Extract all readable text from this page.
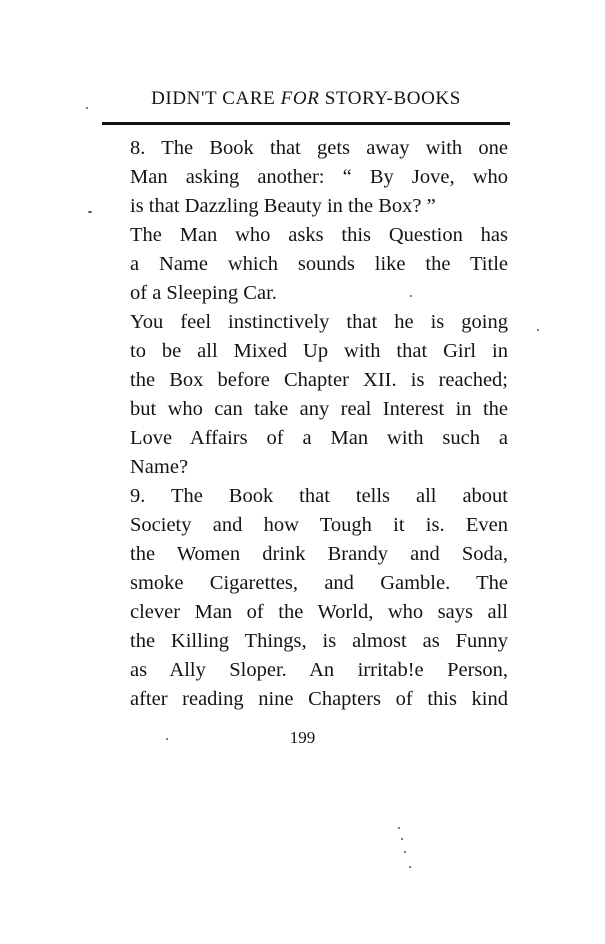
DIDN'T CARE FOR STORY-BOOKS

8. The Book that gets away with one
Man asking another: “ By Jove, who
is that Dazzling Beauty in the Box? ”

The Man who asks this Question has
a Name which sounds like the Title
of a Sleeping Car.

You feel instinctively that he is going
to be all Mixed Up with that Girl in
the Box before Chapter XII. is reached;
but who can take any real Interest in the
Love Affairs of a Man with such a
Name?

9. The Book that tells all about
Society and how Tough it is. Even
the Women drink Brandy and Soda,
smoke Cigarettes, and Gamble. The
clever Man of the World, who says all
the Killing Things, is almost as Funny
as Ally Sloper. An irritab!e Person,
after reading nine Chapters of this kind

199
